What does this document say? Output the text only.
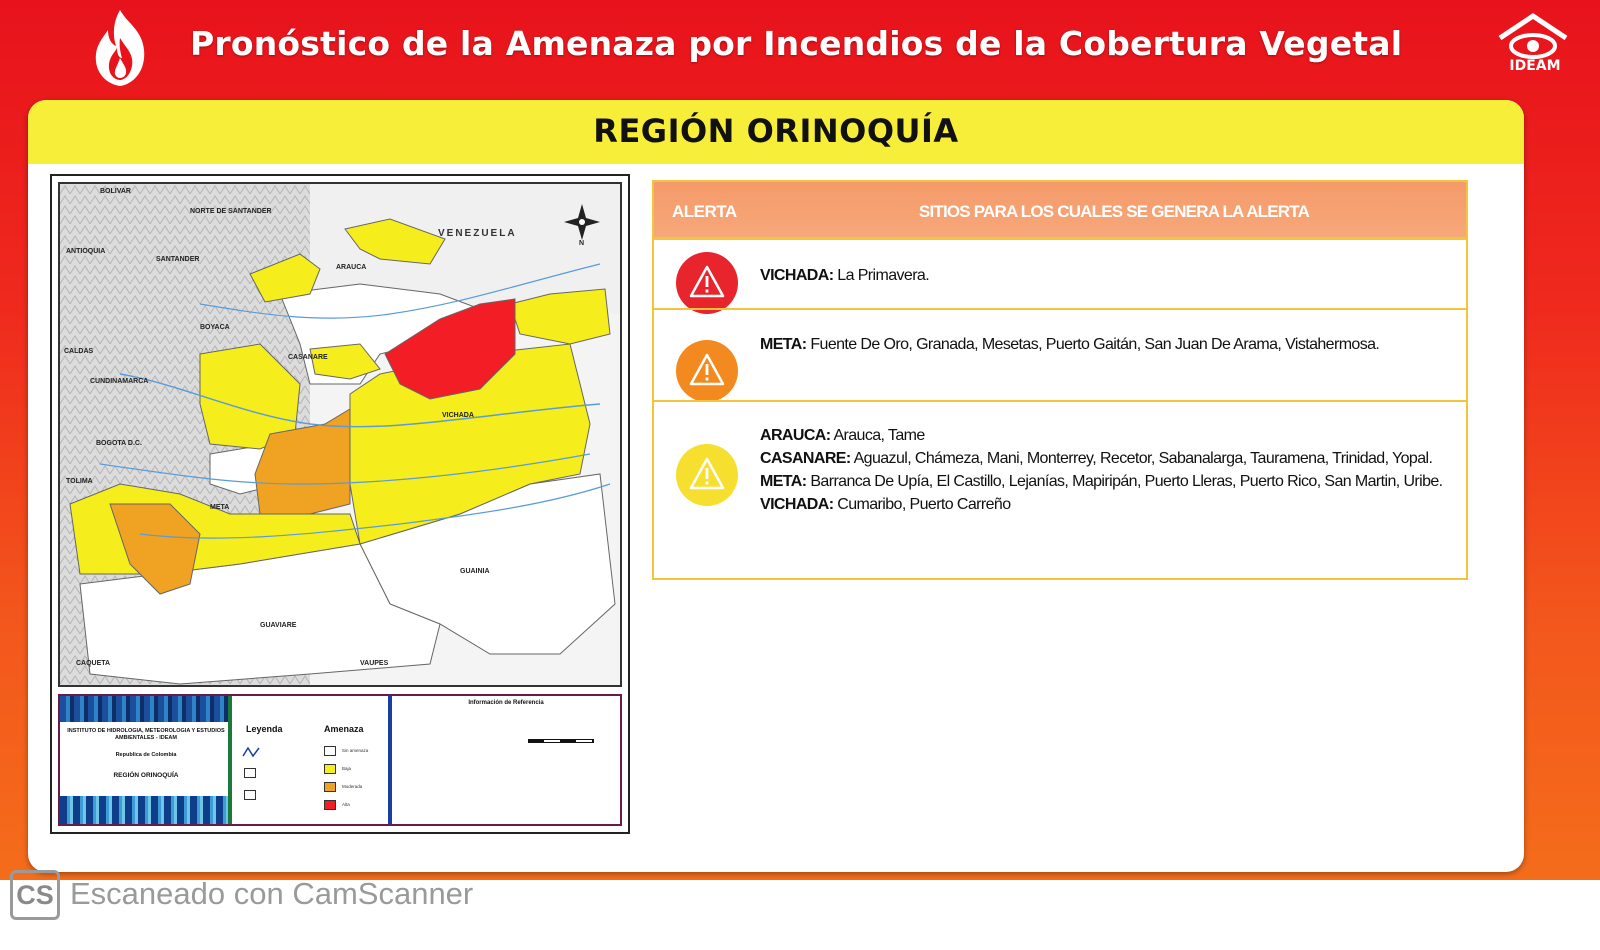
Pronóstico de la Amenaza por Incendios de la Cobertura Vegetal
IDEAM
REGIÓN ORINOQUÍA
VENEZUELA
BOLIVAR
NORTE DE SANTANDER
ANTIOQUIA
SANTANDER
ARAUCA
BOYACA
CALDAS
CASANARE
CUNDINAMARCA
VICHADA
BOGOTA D.C.
TOLIMA
META
GUAINIA
GUAVIARE
CAQUETA	VAUPES
N
INSTITUTO DE HIDROLOGIA, METEOROLOGIA Y ESTUDIOS AMBIENTALES - IDEAM
Republica de Colombia
REGIÓN ORINOQUÍA
Leyenda	Amenaza
Sin amenaza
Baja
Moderada
Alta
Información de Referencia
ALERTA	SITIOS PARA LOS CUALES SE GENERA LA ALERTA
VICHADA: La Primavera.
META: Fuente De Oro, Granada, Mesetas, Puerto Gaitán, San Juan De Arama, Vistahermosa.
ARAUCA: Arauca, Tame
CASANARE: Aguazul, Chámeza, Mani, Monterrey, Recetor, Sabanalarga, Tauramena, Trinidad, Yopal.
META: Barranca De Upía, El Castillo, Lejanías, Mapiripán, Puerto Lleras, Puerto Rico, San Martin, Uribe.
VICHADA: Cumaribo, Puerto Carreño
CS Escaneado con CamScanner
